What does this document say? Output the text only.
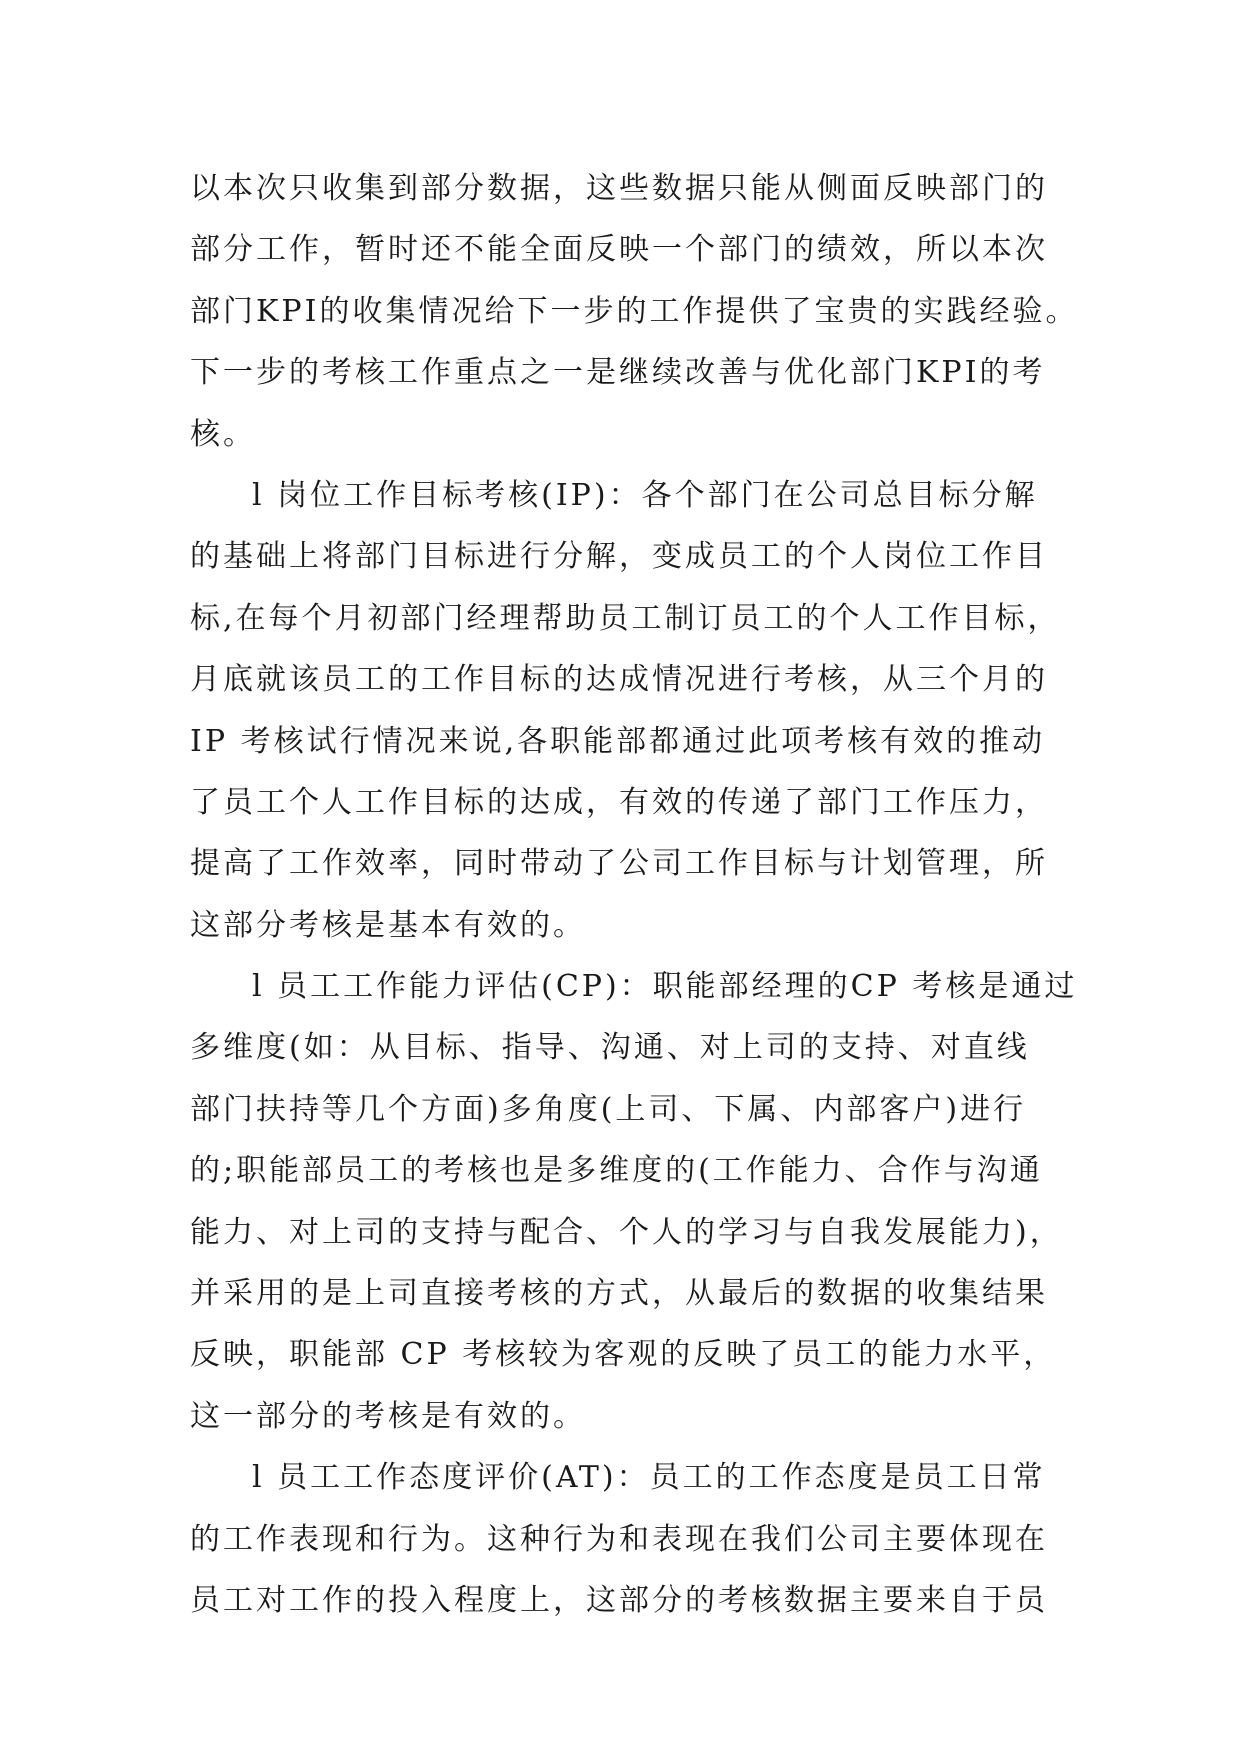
以本次只收集到部分数据，这些数据只能从侧面反映部门的
部分工作，暂时还不能全面反映一个部门的绩效，所以本次
部门KPI的收集情况给下一步的工作提供了宝贵的实践经验。
下一步的考核工作重点之一是继续改善与优化部门KPI的考
核。
l 岗位工作目标考核(IP)：各个部门在公司总目标分解
的基础上将部门目标进行分解，变成员工的个人岗位工作目
标,在每个月初部门经理帮助员工制订员工的个人工作目标，
月底就该员工的工作目标的达成情况进行考核，从三个月的
IP 考核试行情况来说,各职能部都通过此项考核有效的推动
了员工个人工作目标的达成，有效的传递了部门工作压力，
提高了工作效率，同时带动了公司工作目标与计划管理，所
这部分考核是基本有效的。
l 员工工作能力评估(CP)：职能部经理的CP 考核是通过
多维度(如：从目标、指导、沟通、对上司的支持、对直线
部门扶持等几个方面)多角度(上司、下属、内部客户)进行
的;职能部员工的考核也是多维度的(工作能力、合作与沟通
能力、对上司的支持与配合、个人的学习与自我发展能力)，
并采用的是上司直接考核的方式，从最后的数据的收集结果
反映，职能部 CP 考核较为客观的反映了员工的能力水平，
这一部分的考核是有效的。
l 员工工作态度评价(AT)：员工的工作态度是员工日常
的工作表现和行为。这种行为和表现在我们公司主要体现在
员工对工作的投入程度上，这部分的考核数据主要来自于员
